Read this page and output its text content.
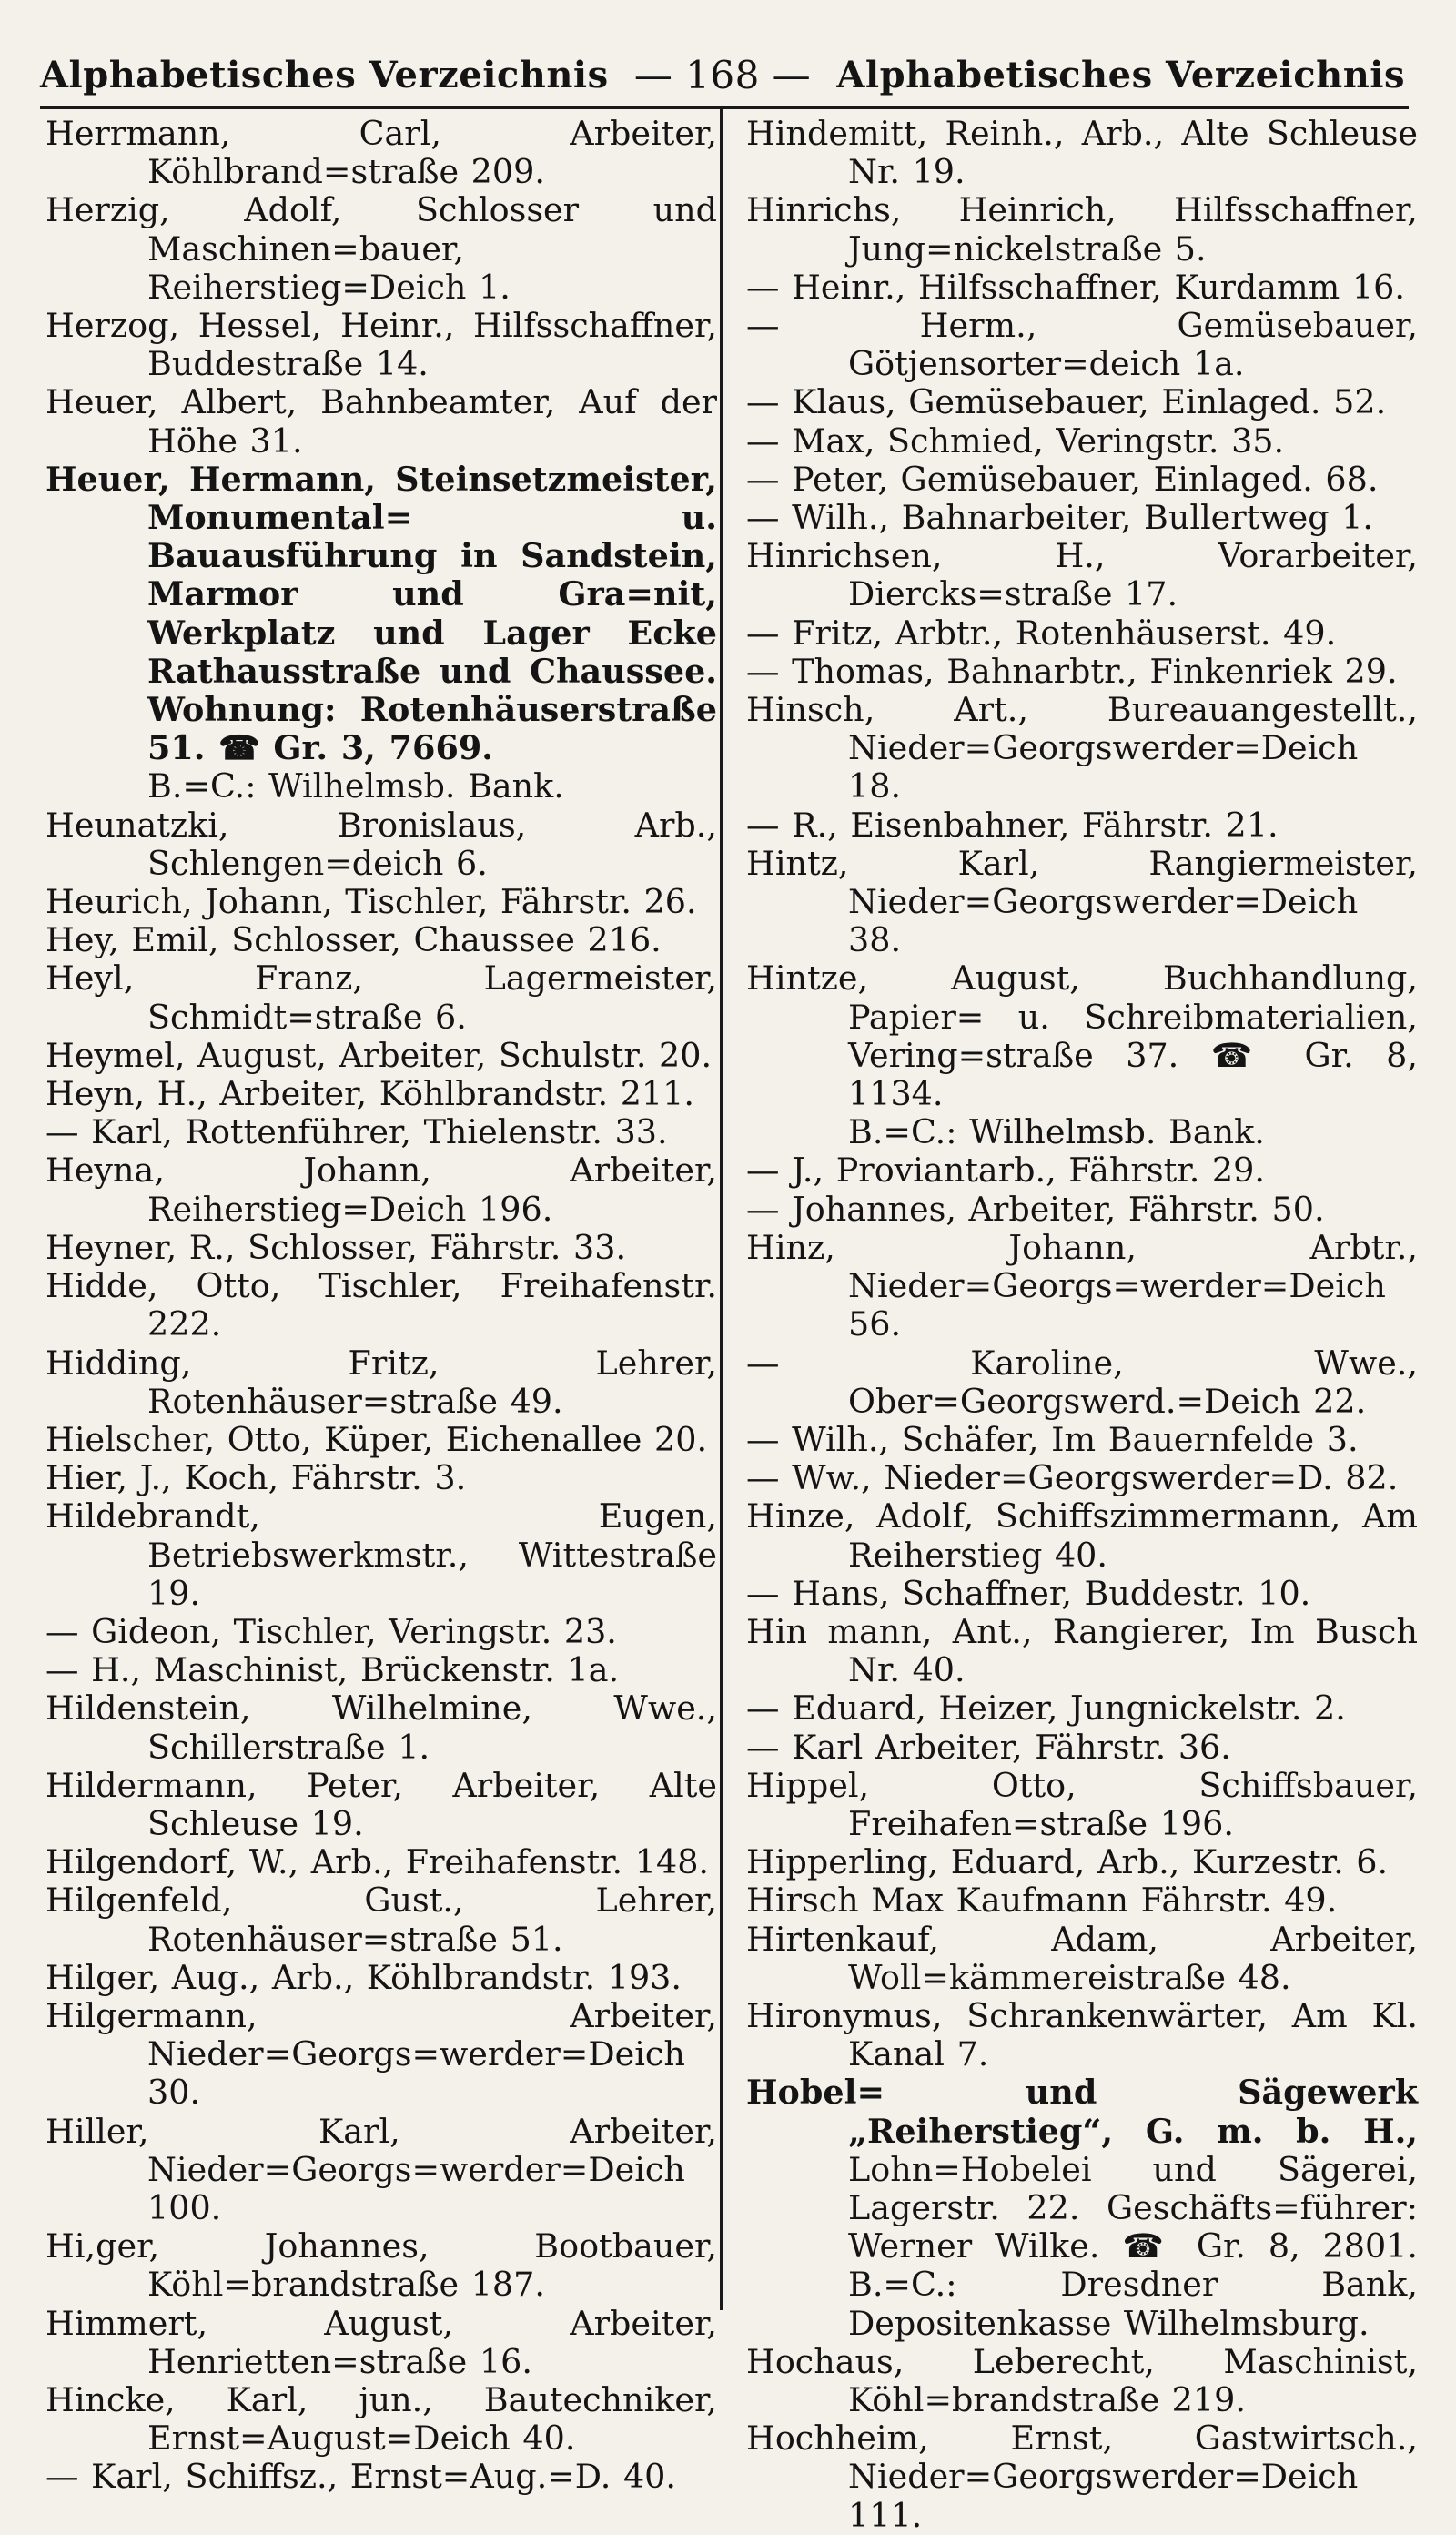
Alphabetisches Verzeichnis — 168 — Alphabetisches Verzeichnis

Herrmann, Carl, Arbeiter, Köhlbrand=straße 209.

Herzig, Adolf, Schlosser und Maschinen=bauer, Reiherstieg=Deich 1.

Herzog, Hessel, Heinr., Hilfsschaffner, Buddestraße 14.

Heuer, Albert, Bahnbeamter, Auf der Höhe 31.

Heuer, Hermann, Steinsetzmeister, Monumental= u. Bauausführung in Sandstein, Marmor und Gra=nit, Werkplatz und Lager Ecke Rathausstraße und Chaussee. Wohnung: Rotenhäuserstraße 51. ☎ Gr. 3, 7669.

B.=C.: Wilhelmsb. Bank.

Heunatzki, Bronislaus, Arb., Schlengen=deich 6.

Heurich, Johann, Tischler, Fährstr. 26.

Hey, Emil, Schlosser, Chaussee 216.

Heyl, Franz, Lagermeister, Schmidt=straße 6.

Heymel, August, Arbeiter, Schulstr. 20.

Heyn, H., Arbeiter, Köhlbrandstr. 211.

— Karl, Rottenführer, Thielenstr. 33.

Heyna, Johann, Arbeiter, Reiherstieg=Deich 196.

Heyner, R., Schlosser, Fährstr. 33.

Hidde, Otto, Tischler, Freihafenstr. 222.

Hidding, Fritz, Lehrer, Rotenhäuser=straße 49.

Hielscher, Otto, Küper, Eichenallee 20.

Hier, J., Koch, Fährstr. 3.

Hildebrandt, Eugen, Betriebswerkmstr., Wittestraße 19.

— Gideon, Tischler, Veringstr. 23.

— H., Maschinist, Brückenstr. 1a.

Hildenstein, Wilhelmine, Wwe., Schillerstraße 1.

Hildermann, Peter, Arbeiter, Alte Schleuse 19.

Hilgendorf, W., Arb., Freihafenstr. 148.

Hilgenfeld, Gust., Lehrer, Rotenhäuser=straße 51.

Hilger, Aug., Arb., Köhlbrandstr. 193.

Hilgermann, Arbeiter, Nieder=Georgs=werder=Deich 30.

Hiller, Karl, Arbeiter, Nieder=Georgs=werder=Deich 100.

Hi,ger, Johannes, Bootbauer, Köhl=brandstraße 187.

Himmert, August, Arbeiter, Henrietten=straße 16.

Hincke, Karl, jun., Bautechniker, Ernst=August=Deich 40.

— Karl, Schiffsz., Ernst=Aug.=D. 40.

Hindemitt, Reinh., Arb., Alte Schleuse Nr. 19.

Hinrichs, Heinrich, Hilfsschaffner, Jung=nickelstraße 5.

— Heinr., Hilfsschaffner, Kurdamm 16.

— Herm., Gemüsebauer, Götjensorter=deich 1a.

— Klaus, Gemüsebauer, Einlaged. 52.

— Max, Schmied, Veringstr. 35.

— Peter, Gemüsebauer, Einlaged. 68.

— Wilh., Bahnarbeiter, Bullertweg 1.

Hinrichsen, H., Vorarbeiter, Diercks=straße 17.

— Fritz, Arbtr., Rotenhäuserst. 49.

— Thomas, Bahnarbtr., Finkenriek 29.

Hinsch, Art., Bureauangestellt., Nieder=Georgswerder=Deich 18.

— R., Eisenbahner, Fährstr. 21.

Hintz, Karl, Rangiermeister, Nieder=Georgswerder=Deich 38.

Hintze, August, Buchhandlung, Papier= u. Schreibmaterialien, Vering=straße 37. ☎ Gr. 8, 1134.

B.=C.: Wilhelmsb. Bank.

— J., Proviantarb., Fährstr. 29.

— Johannes, Arbeiter, Fährstr. 50.

Hinz, Johann, Arbtr., Nieder=Georgs=werder=Deich 56.

— Karoline, Wwe., Ober=Georgswerd.=Deich 22.

— Wilh., Schäfer, Im Bauernfelde 3.

— Ww., Nieder=Georgswerder=D. 82.

Hinze, Adolf, Schiffszimmermann, Am Reiherstieg 40.

— Hans, Schaffner, Buddestr. 10.

Hin mann, Ant., Rangierer, Im Busch Nr. 40.

— Eduard, Heizer, Jungnickelstr. 2.

— Karl Arbeiter, Fährstr. 36.

Hippel, Otto, Schiffsbauer, Freihafen=straße 196.

Hipperling, Eduard, Arb., Kurzestr. 6.

Hirsch Max Kaufmann Fährstr. 49.

Hirtenkauf, Adam, Arbeiter, Woll=kämmereistraße 48.

Hironymus, Schrankenwärter, Am Kl. Kanal 7.

Hobel= und Sägewerk „Reiherstieg“, G. m. b. H., Lohn=Hobelei und Sägerei, Lagerstr. 22. Geschäfts=führer: Werner Wilke. ☎ Gr. 8, 2801. B.=C.: Dresdner Bank, Depositenkasse Wilhelmsburg.

Hochaus, Leberecht, Maschinist, Köhl=brandstraße 219.

Hochheim, Ernst, Gastwirtsch., Nieder=Georgswerder=Deich 111.
